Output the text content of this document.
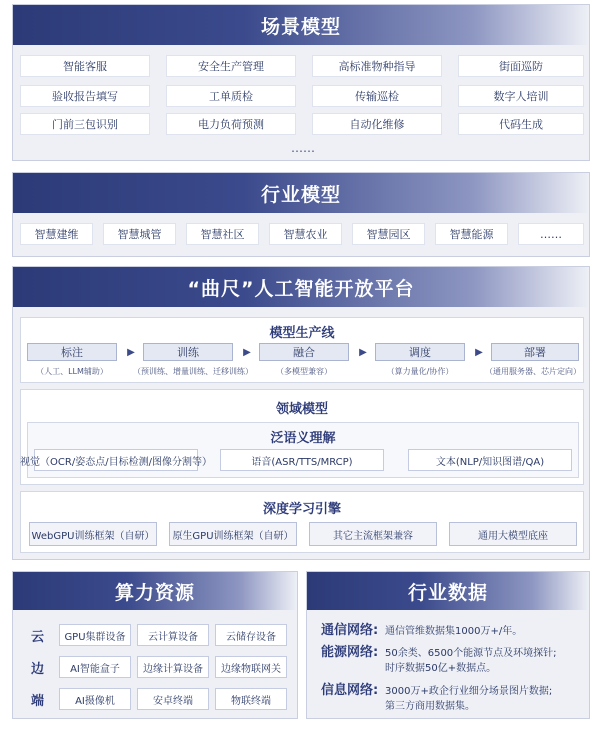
场景模型
智能客服	安全生产管理	高标准物种指导	街面巡防
验收报告填写	工单质检	传输巡检	数字人培训
门前三包识别	电力负荷预测	自动化维修	代码生成
……
行业模型
智慧建维	智慧城管	智慧社区	智慧农业	智慧园区	智慧能源	……
“曲尺”人工智能开放平台
模型生产线
标注
（人工、LLM辅助）
▶	训练
（预训练、增量训练、迁移训练）
▶	融合
（多模型兼容）
▶	调度
（算力量化/协作）
▶	部署
（通用服务器、芯片定向）
领域模型
泛语义理解
视觉（OCR/姿态点/目标检测/图像分割等）	语音(ASR/TTS/MRCP)	文本(NLP/知识图谱/QA)
深度学习引擎
WebGPU训练框架（自研）	原生GPU训练框架（自研）	其它主流框架兼容	通用大模型底座
算力资源
云	GPU集群设备	云计算设备	云储存设备
边	AI智能盒子	边缘计算设备	边缘物联网关
端	AI摄像机	安卓终端	物联终端
行业数据
通信网络: 通信管维数据集1000万+/年。
能源网络: 50余类、6500个能源节点及环境探针;
时序数据50亿+数据点。
信息网络: 3000万+政企行业细分场景图片数据;
第三方商用数据集。
